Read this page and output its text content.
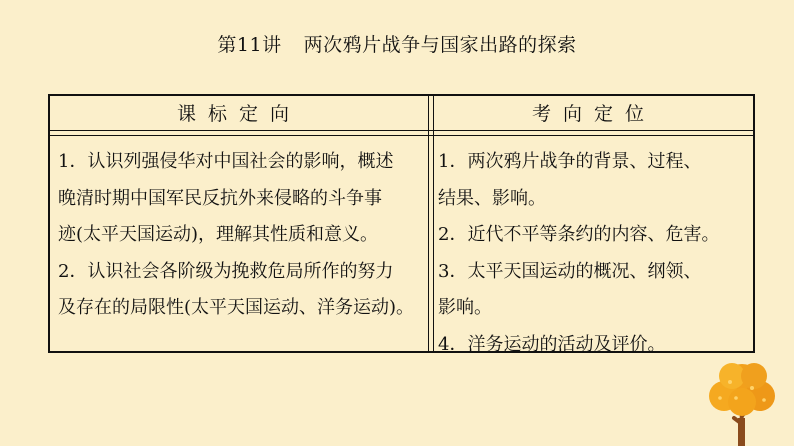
第11讲 两次鸦片战争与国家出路的探索
课标定向	考向定位
1．认识列强侵华对中国社会的影响，概述
晚清时期中国军民反抗外来侵略的斗争事
迹(太平天国运动)，理解其性质和意义。
2．认识社会各阶级为挽救危局所作的努力
及存在的局限性(太平天国运动、洋务运动)。
1．两次鸦片战争的背景、过程、
结果、影响。
2．近代不平等条约的内容、危害。
3．太平天国运动的概况、纲领、
影响。
4．洋务运动的活动及评价。
